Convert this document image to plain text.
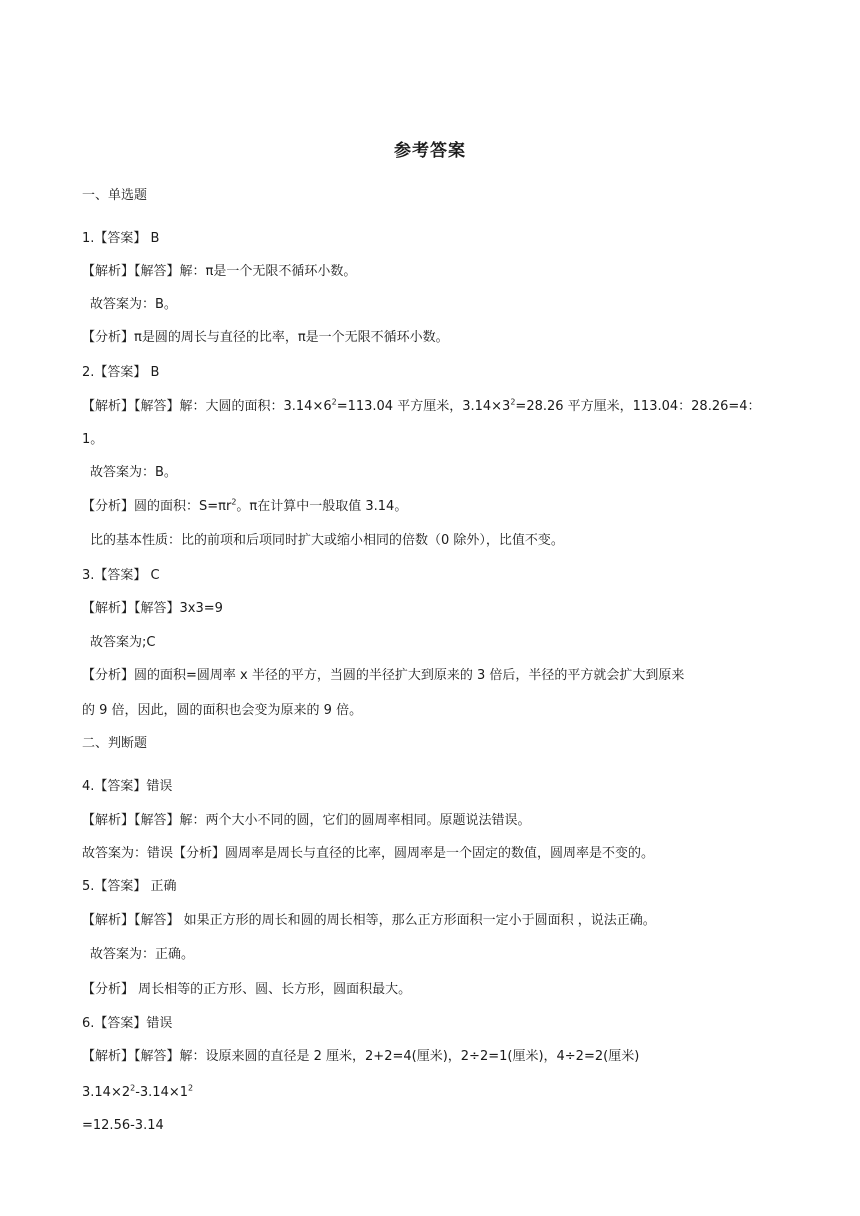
参考答案
一、单选题
1.【答案】 B
【解析】【解答】解：π是一个无限不循环小数。
故答案为：B。
【分析】π是圆的周长与直径的比率，π是一个无限不循环小数。
2.【答案】 B
【解析】【解答】解：大圆的面积：$3.14\times 6^2=113.04$ 平方厘米，$3.14\times 3^2=28.26$ 平方厘米，113.04：28.26=4：
1。
故答案为：B。
【分析】圆的面积：$S=\pi r^2$。π在计算中一般取值 3.14。
比的基本性质：比的前项和后项同时扩大或缩小相同的倍数（0 除外），比值不变。
3.【答案】 C
【解析】【解答】3x3=9
故答案为;C
【分析】圆的面积=圆周率 x 半径的平方，当圆的半径扩大到原来的 3 倍后，半径的平方就会扩大到原来
的 9 倍，因此，圆的面积也会变为原来的 9 倍。
二、判断题
4.【答案】错误
【解析】【解答】解：两个大小不同的圆，它们的圆周率相同。原题说法错误。
故答案为：错误【分析】圆周率是周长与直径的比率，圆周率是一个固定的数值，圆周率是不变的。
5.【答案】 正确
【解析】【解答】 如果正方形的周长和圆的周长相等，那么正方形面积一定小于圆面积 ，说法正确。
故答案为：正确。
【分析】 周长相等的正方形、圆、长方形，圆面积最大。
6.【答案】错误
【解析】【解答】解：设原来圆的直径是 2 厘米，2+2=4(厘米)，2÷2=1(厘米)，4÷2=2(厘米)
$3.14\times 2^2-3.14\times 1^2$
=12.56-3.14
